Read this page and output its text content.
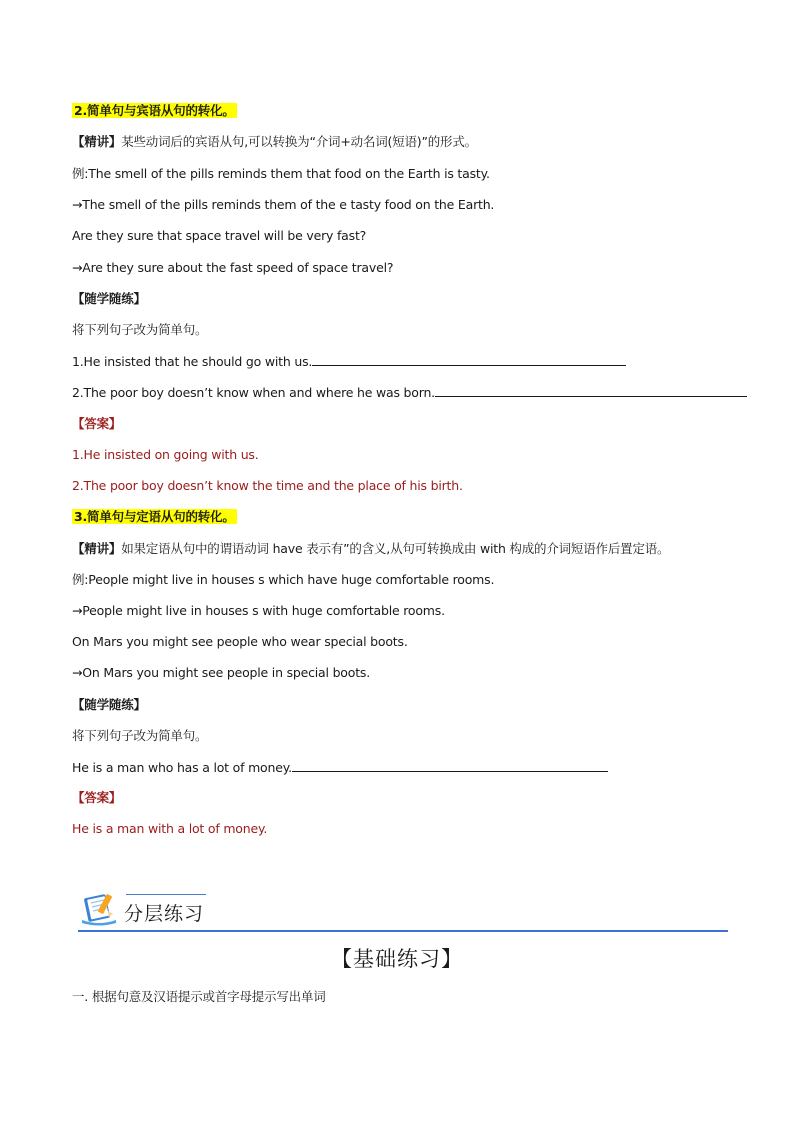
2.简单句与宾语从句的转化。
【精讲】某些动词后的宾语从句,可以转换为“介词+动名词(短语)”的形式。
例:The smell of the pills reminds them that food on the Earth is tasty.
→The smell of the pills reminds them of the e tasty food on the Earth.
Are they sure that space travel will be very fast?
→Are they sure about the fast speed of space travel?
【随学随练】
将下列句子改为简单句。
1.He insisted that he should go with us.
2.The poor boy doesn’t know when and where he was born.
【答案】
1.He insisted on going with us.
2.The poor boy doesn’t know the time and the place of his birth.
3.简单句与定语从句的转化。
【精讲】如果定语从句中的谓语动词 have 表示有”的含义,从句可转换成由 with 构成的介词短语作后置定语。
例:People might live in houses s which have huge comfortable rooms.
→People might live in houses s with huge comfortable rooms.
On Mars you might see people who wear special boots.
→On Mars you might see people in special boots.
【随学随练】
将下列句子改为简单句。
He is a man who has a lot of money.
【答案】
He is a man with a lot of money.
分层练习
【基础练习】
一. 根据句意及汉语提示或首字母提示写出单词
